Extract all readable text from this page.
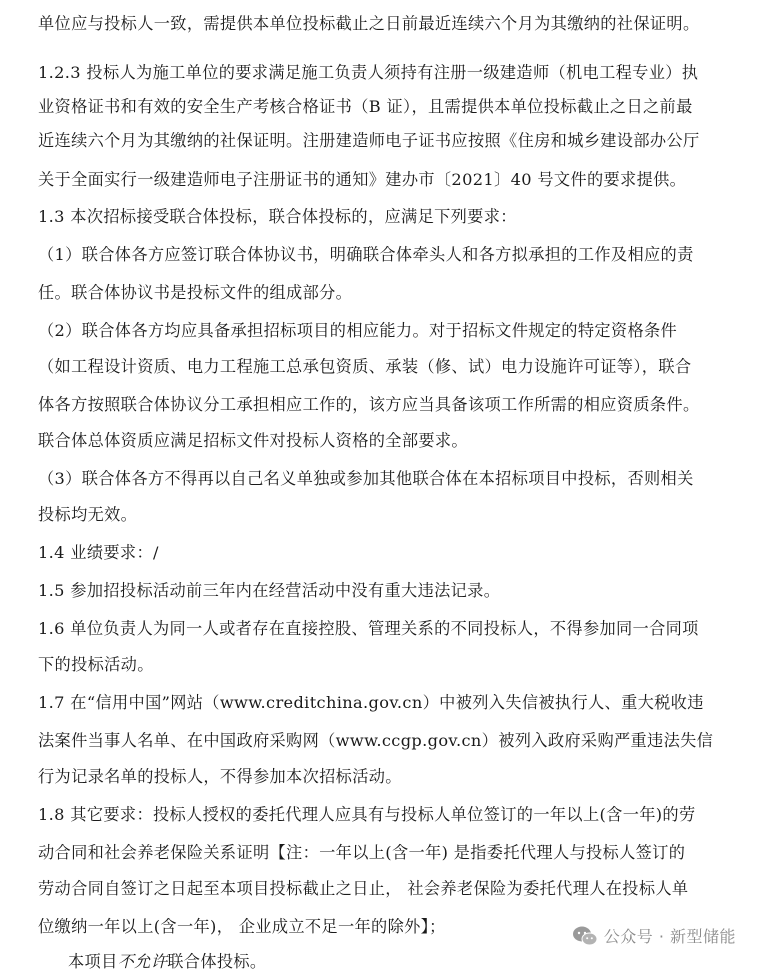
单位应与投标人一致，需提供本单位投标截止之日前最近连续六个月为其缴纳的社保证明。
1.2.3 投标人为施工单位的要求满足施工负责人须持有注册一级建造师（机电工程专业）执
业资格证书和有效的安全生产考核合格证书（B 证），且需提供本单位投标截止之日之前最
近连续六个月为其缴纳的社保证明。注册建造师电子证书应按照《住房和城乡建设部办公厅
关于全面实行一级建造师电子注册证书的通知》建办市〔2021〕40 号文件的要求提供。
1.3 本次招标接受联合体投标，联合体投标的，应满足下列要求：
（1）联合体各方应签订联合体协议书，明确联合体牵头人和各方拟承担的工作及相应的责
任。联合体协议书是投标文件的组成部分。
（2）联合体各方均应具备承担招标项目的相应能力。对于招标文件规定的特定资格条件
（如工程设计资质、电力工程施工总承包资质、承装（修、试）电力设施许可证等），联合
体各方按照联合体协议分工承担相应工作的，该方应当具备该项工作所需的相应资质条件。
联合体总体资质应满足招标文件对投标人资格的全部要求。
（3）联合体各方不得再以自己名义单独或参加其他联合体在本招标项目中投标，否则相关
投标均无效。
1.4 业绩要求：/
1.5 参加招投标活动前三年内在经营活动中没有重大违法记录。
1.6 单位负责人为同一人或者存在直接控股、管理关系的不同投标人，不得参加同一合同项
下的投标活动。
1.7 在“信用中国”网站（www.creditchina.gov.cn）中被列入失信被执行人、重大税收违
法案件当事人名单、在中国政府采购网（www.ccgp.gov.cn）被列入政府采购严重违法失信
行为记录名单的投标人，不得参加本次招标活动。
1.8 其它要求：投标人授权的委托代理人应具有与投标人单位签订的一年以上(含一年)的劳
动合同和社会养老保险关系证明【注：一年以上(含一年) 是指委托代理人与投标人签订的
劳动合同自签订之日起至本项目投标截止之日止， 社会养老保险为委托代理人在投标人单
位缴纳一年以上(含一年)， 企业成立不足一年的除外】；
本项目不允许联合体投标。
公众号 · 新型储能
